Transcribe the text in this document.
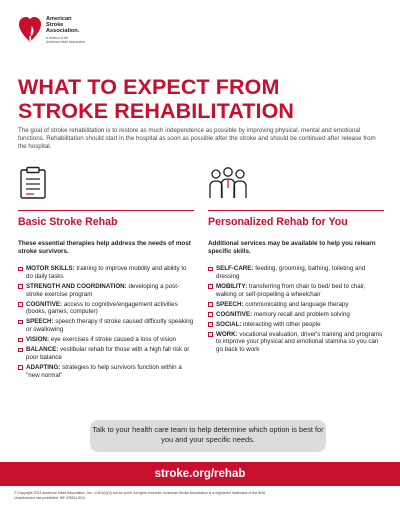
American
Stroke
Association.
A division of the
American Heart Association
WHAT TO EXPECT FROM
STROKE REHABILITATION

The goal of stroke rehabilitation is to restore as much independence as possible by improving physical, mental and emotional functions. Rehabilitation should start in the hospital as soon as possible after the stroke and should be continued after release from the hospital.

Basic Stroke Rehab

These essential therapies help address the needs of most stroke survivors.

MOTOR SKILLS: training to improve mobility and ability to do daily tasks
STRENGTH AND COORDINATION: developing a post-stroke exercise program
COGNITIVE: access to cognitive/engagement activities (books, games, computer)
SPEECH: speech therapy if stroke caused difficulty speaking or swallowing
VISION: eye exercises if stroke caused a loss of vision
BALANCE: vestibular rehab for those with a high fall risk or poor balance
ADAPTING: strategies to help survivors function within a "new normal"
Personalized Rehab for You

Additional services may be available to help you relearn specific skills.

SELF-CARE: feeding, grooming, bathing, toileting and dressing
MOBILITY: transferring from chair to bed/ bed to chair, walking or self-propelling a wheelchair
SPEECH: communicating and language therapy
COGNITIVE: memory recall and problem solving
SOCIAL: interacting with other people
WORK: vocational evaluation, driver's training and programs to improve your physical and emotional stamina so you can go back to work
Talk to your health care team to help determine which option is best for you and your specific needs.
stroke.org/rehab
© Copyright 2024 American Heart Association, Inc., a 501(c)(3) not-for-profit. All rights reserved. American Stroke Association is a registered trademark of the AHA.
Unauthorized use prohibited. WF-ER631 5/24
